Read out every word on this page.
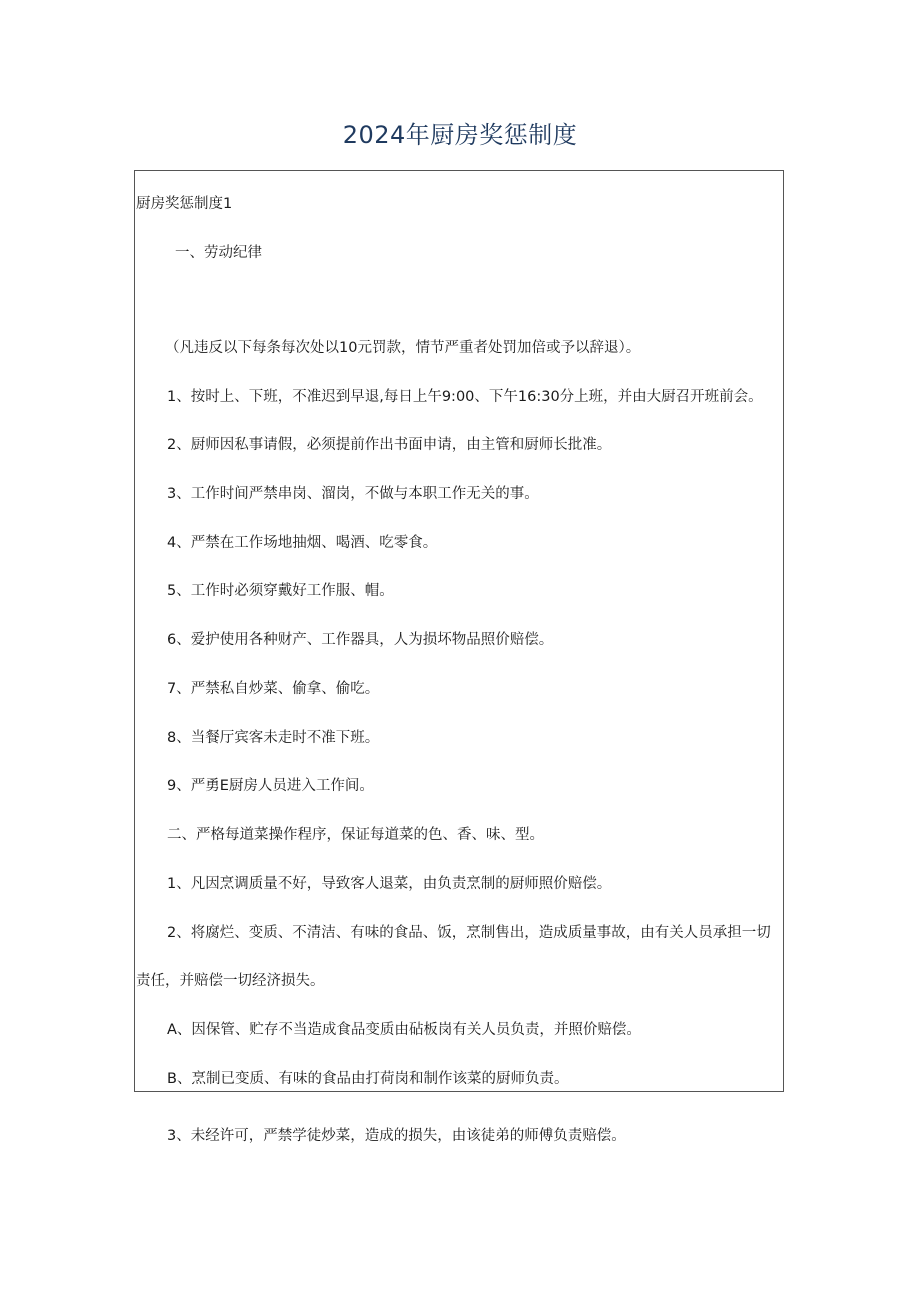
2024年厨房奖惩制度
厨房奖惩制度1
一、劳动纪律
（凡违反以下每条每次处以10元罚款，情节严重者处罚加倍或予以辞退）。
1、按时上、下班，不准迟到早退,每日上午9:00、下午16:30分上班，并由大厨召开班前会。
2、厨师因私事请假，必须提前作出书面申请，由主管和厨师长批准。
3、工作时间严禁串岗、溜岗，不做与本职工作无关的事。
4、严禁在工作场地抽烟、喝酒、吃零食。
5、工作时必须穿戴好工作服、帽。
6、爱护使用各种财产、工作器具，人为损坏物品照价赔偿。
7、严禁私自炒菜、偷拿、偷吃。
8、当餐厅宾客未走时不准下班。
9、严勇E厨房人员进入工作间。
二、严格每道菜操作程序，保证每道菜的色、香、味、型。
1、凡因烹调质量不好，导致客人退菜，由负责烹制的厨师照价赔偿。
2、将腐烂、变质、不清洁、有味的食品、饭，烹制售出，造成质量事故，由有关人员承担一切
责任，并赔偿一切经济损失。
A、因保管、贮存不当造成食品变质由砧板岗有关人员负责，并照价赔偿。
B、烹制已变质、有味的食品由打荷岗和制作该菜的厨师负责。
3、未经许可，严禁学徒炒菜，造成的损失，由该徒弟的师傅负责赔偿。
